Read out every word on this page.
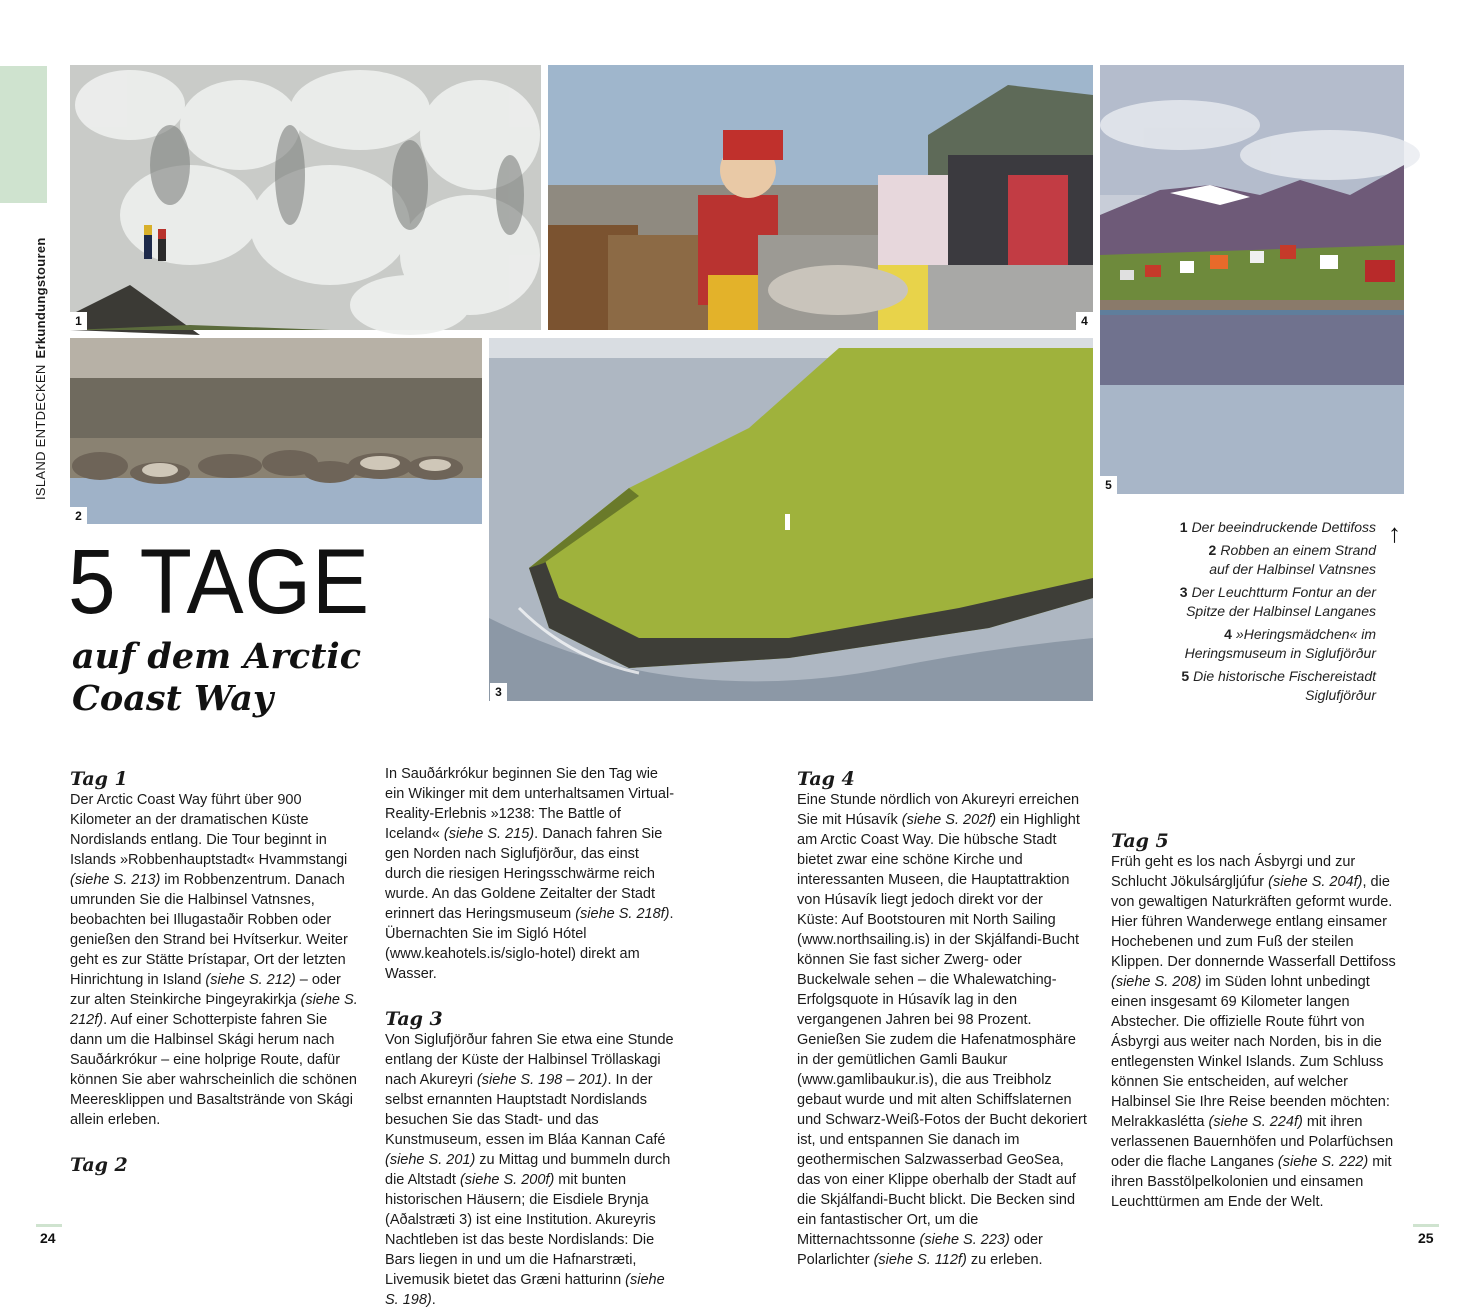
ISLAND ENTDECKENErkundungstouren	1	4
5
2
3
5 TAGE
auf dem Arctic Coast Way
1 Der beeindruckende Dettifoss
2 Robben an einem Strand auf der Halbinsel Vatnsnes
3 Der Leuchtturm Fontur an der Spitze der Halbinsel Langanes
4 »Heringsmädchen« im Heringsmuseum in Siglufjörður
5 Die historische Fischereistadt Siglufjörður
↑
Tag 1

Der Arctic Coast Way führt über 900 Kilometer an der dramatischen Küste Nordislands entlang. Die Tour beginnt in Islands »Robbenhauptstadt« Hvammstangi (siehe S. 213) im Robbenzentrum. Danach umrunden Sie die Halbinsel Vatnsnes, beobachten bei Illugastaðir Robben oder genießen den Strand bei Hvítserkur. Weiter geht es zur Stätte Þrístapar, Ort der letzten Hinrichtung in Island (siehe S. 212) – oder zur alten Steinkirche Þingeyrakirkja (siehe S. 212f). Auf einer Schotterpiste fahren Sie dann um die Halbinsel Skági herum nach Sauðárkrókur – eine holprige Route, dafür können Sie aber wahrscheinlich die schönen Meeresklippen und Basaltstrände von Skági allein erleben.

Tag 2

In Sauðárkrókur beginnen Sie den Tag wie ein Wikinger mit dem unterhaltsamen Virtual-Reality-Erlebnis »1238: The Battle of Iceland« (siehe S. 215). Danach fahren Sie gen Norden nach Siglufjörður, das einst durch die riesigen Heringsschwärme reich wurde. An das Goldene Zeitalter der Stadt erinnert das Heringsmuseum (siehe S. 218f). Übernachten Sie im Sigló Hótel (www.keahotels.is/siglo-hotel) direkt am Wasser.

Tag 3

Von Siglufjörður fahren Sie etwa eine Stunde entlang der Küste der Halbinsel Tröllaskagi nach Akureyri (siehe S. 198 – 201). In der selbst ernannten Hauptstadt Nordislands besuchen Sie das Stadt- und das Kunstmuseum, essen im Bláa Kannan Café (siehe S. 201) zu Mittag und bummeln durch die Altstadt (siehe S. 200f) mit bunten historischen Häusern; die Eisdiele Brynja (Aðalstræti 3) ist eine Institution. Akureyris Nachtleben ist das beste Nordislands: Die Bars liegen in und um die Hafnarstræti, Livemusik bietet das Græni hatturinn (siehe S. 198).

Tag 4

Eine Stunde nördlich von Akureyri erreichen Sie mit Húsavík (siehe S. 202f) ein Highlight am Arctic Coast Way. Die hübsche Stadt bietet zwar eine schöne Kirche und interessanten Museen, die Hauptattraktion von Húsavík liegt jedoch direkt vor der Küste: Auf Bootstouren mit North Sailing (www.northsailing.is) in der Skjálfandi-Bucht können Sie fast sicher Zwerg- oder Buckelwale sehen – die Whalewatching-Erfolgsquote in Húsavík lag in den vergangenen Jahren bei 98 Prozent. Genießen Sie zudem die Hafenatmosphäre in der gemütlichen Gamli Baukur (www.gamlibaukur.is), die aus Treibholz gebaut wurde und mit alten Schiffslaternen und Schwarz-Weiß-Fotos der Bucht dekoriert ist, und entspannen Sie danach im geothermischen Salzwasserbad GeoSea, das von einer Klippe oberhalb der Stadt auf die Skjálfandi-Bucht blickt. Die Becken sind ein fantastischer Ort, um die Mitternachtssonne (siehe S. 223) oder Polarlichter (siehe S. 112f) zu erleben.

Tag 5

Früh geht es los nach Ásbyrgi und zur Schlucht Jökulsárgljúfur (siehe S. 204f), die von gewaltigen Naturkräften geformt wurde. Hier führen Wanderwege entlang einsamer Hochebenen und zum Fuß der steilen Klippen. Der donnernde Wasserfall Dettifoss (siehe S. 208) im Süden lohnt unbedingt einen insgesamt 69 Kilometer langen Abstecher. Die offizielle Route führt von Ásbyrgi aus weiter nach Norden, bis in die entlegensten Winkel Islands. Zum Schluss können Sie entscheiden, auf welcher Halbinsel Sie Ihre Reise beenden möchten: Melrakkaslétta (siehe S. 224f) mit ihren verlassenen Bauernhöfen und Polarfüchsen oder die flache Langanes (siehe S. 222) mit ihren Basstölpelkolonien und einsamen Leuchttürmen am Ende der Welt.

24	25
